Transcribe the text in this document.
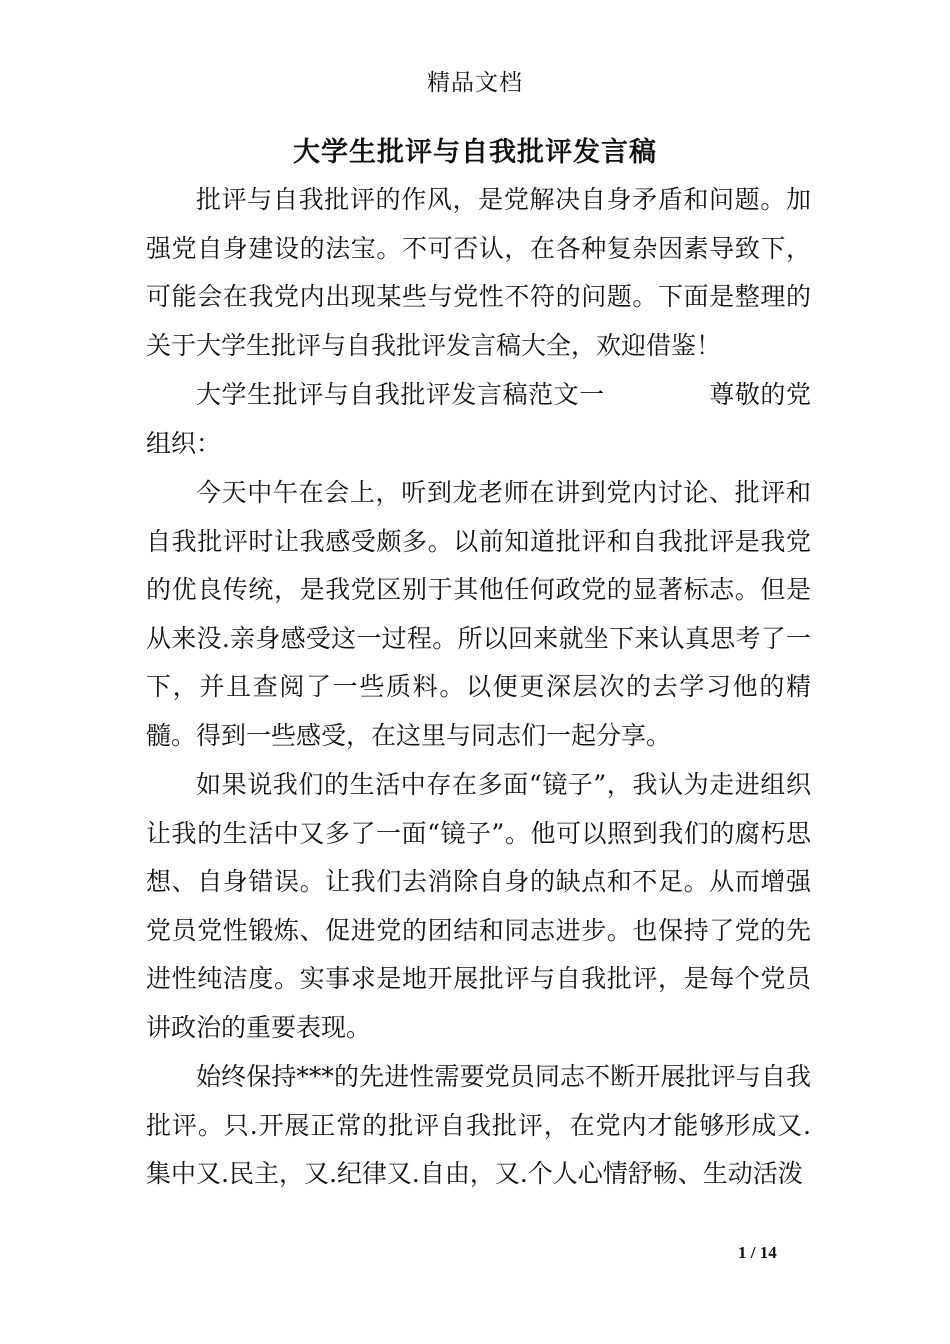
精品文档
大学生批评与自我批评发言稿

批评与自我批评的作风，是党解决自身矛盾和问题。加强党自身建设的法宝。不可否认，在各种复杂因素导致下，可能会在我党内出现某些与党性不符的问题。下面是整理的关于大学生批评与自我批评发言稿大全，欢迎借鉴！

大学生批评与自我批评发言稿范文一	尊敬的党组织：

今天中午在会上，听到龙老师在讲到党内讨论、批评和自我批评时让我感受颇多。以前知道批评和自我批评是我党的优良传统，是我党区别于其他任何政党的显著标志。但是从来没.亲身感受这一过程。所以回来就坐下来认真思考了一下，并且查阅了一些质料。以便更深层次的去学习他的精髓。得到一些感受，在这里与同志们一起分享。

如果说我们的生活中存在多面“镜子”，我认为走进组织让我的生活中又多了一面“镜子”。他可以照到我们的腐朽思想、自身错误。让我们去消除自身的缺点和不足。从而增强党员党性锻炼、促进党的团结和同志进步。也保持了党的先进性纯洁度。实事求是地开展批评与自我批评，是每个党员讲政治的重要表现。

始终保持***的先进性需要党员同志不断开展批评与自我批评。只.开展正常的批评自我批评，在党内才能够形成又.集中又.民主，又.纪律又.自由，又.个人心情舒畅、生动活泼

1 / 14
